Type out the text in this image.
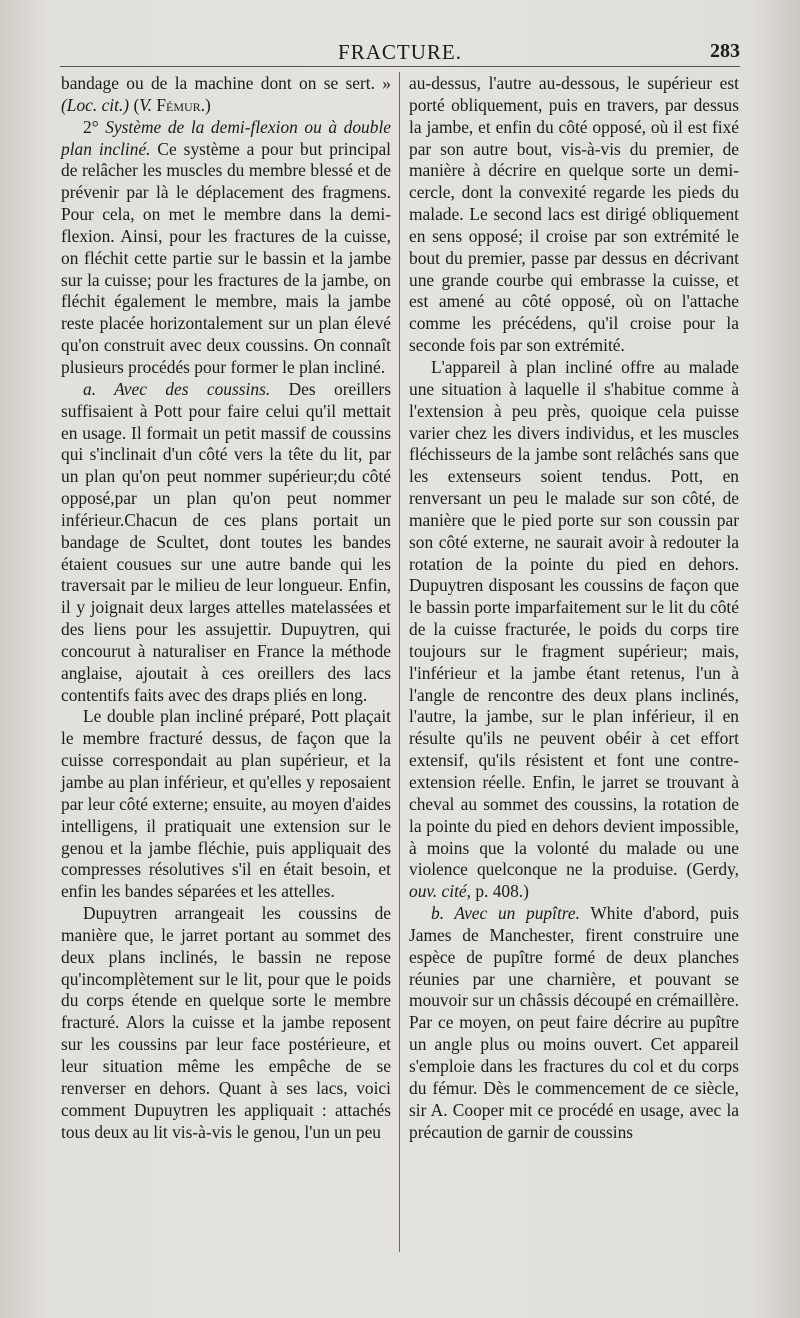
FRACTURE.	283

bandage ou de la machine dont on se sert. » (Loc. cit.) (V. Fémur.)

2° Système de la demi-flexion ou à double plan incliné. Ce système a pour but principal de relâcher les muscles du membre blessé et de prévenir par là le déplacement des fragmens. Pour cela, on met le membre dans la demi-flexion. Ainsi, pour les fractures de la cuisse, on fléchit cette partie sur le bassin et la jambe sur la cuisse; pour les fractures de la jambe, on fléchit également le membre, mais la jambe reste placée horizontalement sur un plan élevé qu'on construit avec deux coussins. On connaît plusieurs procédés pour former le plan incliné.

a. Avec des coussins. Des oreillers suffisaient à Pott pour faire celui qu'il mettait en usage. Il formait un petit massif de coussins qui s'inclinait d'un côté vers la tête du lit, par un plan qu'on peut nommer supérieur;du côté opposé,par un plan qu'on peut nommer inférieur.Chacun de ces plans portait un bandage de Scultet, dont toutes les bandes étaient cousues sur une autre bande qui les traversait par le milieu de leur longueur. Enfin, il y joignait deux larges attelles matelassées et des liens pour les assujettir. Dupuytren, qui concourut à naturaliser en France la méthode anglaise, ajoutait à ces oreillers des lacs contentifs faits avec des draps pliés en long.

Le double plan incliné préparé, Pott plaçait le membre fracturé dessus, de façon que la cuisse correspondait au plan supérieur, et la jambe au plan inférieur, et qu'elles y reposaient par leur côté externe; ensuite, au moyen d'aides intelligens, il pratiquait une extension sur le genou et la jambe fléchie, puis appliquait des compresses résolutives s'il en était besoin, et enfin les bandes séparées et les attelles.

Dupuytren arrangeait les coussins de manière que, le jarret portant au sommet des deux plans inclinés, le bassin ne repose qu'incomplètement sur le lit, pour que le poids du corps étende en quelque sorte le membre fracturé. Alors la cuisse et la jambe reposent sur les coussins par leur face postérieure, et leur situation même les empêche de se renverser en dehors. Quant à ses lacs, voici comment Dupuytren les appliquait : attachés tous deux au lit vis-à-vis le genou, l'un un peu

au-dessus, l'autre au-dessous, le supérieur est porté obliquement, puis en travers, par dessus la jambe, et enfin du côté opposé, où il est fixé par son autre bout, vis-à-vis du premier, de manière à décrire en quelque sorte un demi-cercle, dont la convexité regarde les pieds du malade. Le second lacs est dirigé obliquement en sens opposé; il croise par son extrémité le bout du premier, passe par dessus en décrivant une grande courbe qui embrasse la cuisse, et est amené au côté opposé, où on l'attache comme les précédens, qu'il croise pour la seconde fois par son extrémité.

L'appareil à plan incliné offre au malade une situation à laquelle il s'habitue comme à l'extension à peu près, quoique cela puisse varier chez les divers individus, et les muscles fléchisseurs de la jambe sont relâchés sans que les extenseurs soient tendus. Pott, en renversant un peu le malade sur son côté, de manière que le pied porte sur son coussin par son côté externe, ne saurait avoir à redouter la rotation de la pointe du pied en dehors. Dupuytren disposant les coussins de façon que le bassin porte imparfaitement sur le lit du côté de la cuisse fracturée, le poids du corps tire toujours sur le fragment supérieur; mais, l'inférieur et la jambe étant retenus, l'un à l'angle de rencontre des deux plans inclinés, l'autre, la jambe, sur le plan inférieur, il en résulte qu'ils ne peuvent obéir à cet effort extensif, qu'ils résistent et font une contre-extension réelle. Enfin, le jarret se trouvant à cheval au sommet des coussins, la rotation de la pointe du pied en dehors devient impossible, à moins que la volonté du malade ou une violence quelconque ne la produise. (Gerdy, ouv. cité, p. 408.)

b. Avec un pupître. White d'abord, puis James de Manchester, firent construire une espèce de pupître formé de deux planches réunies par une charnière, et pouvant se mouvoir sur un châssis découpé en crémaillère. Par ce moyen, on peut faire décrire au pupître un angle plus ou moins ouvert. Cet appareil s'emploie dans les fractures du col et du corps du fémur. Dès le commencement de ce siècle, sir A. Cooper mit ce procédé en usage, avec la précaution de garnir de coussins
